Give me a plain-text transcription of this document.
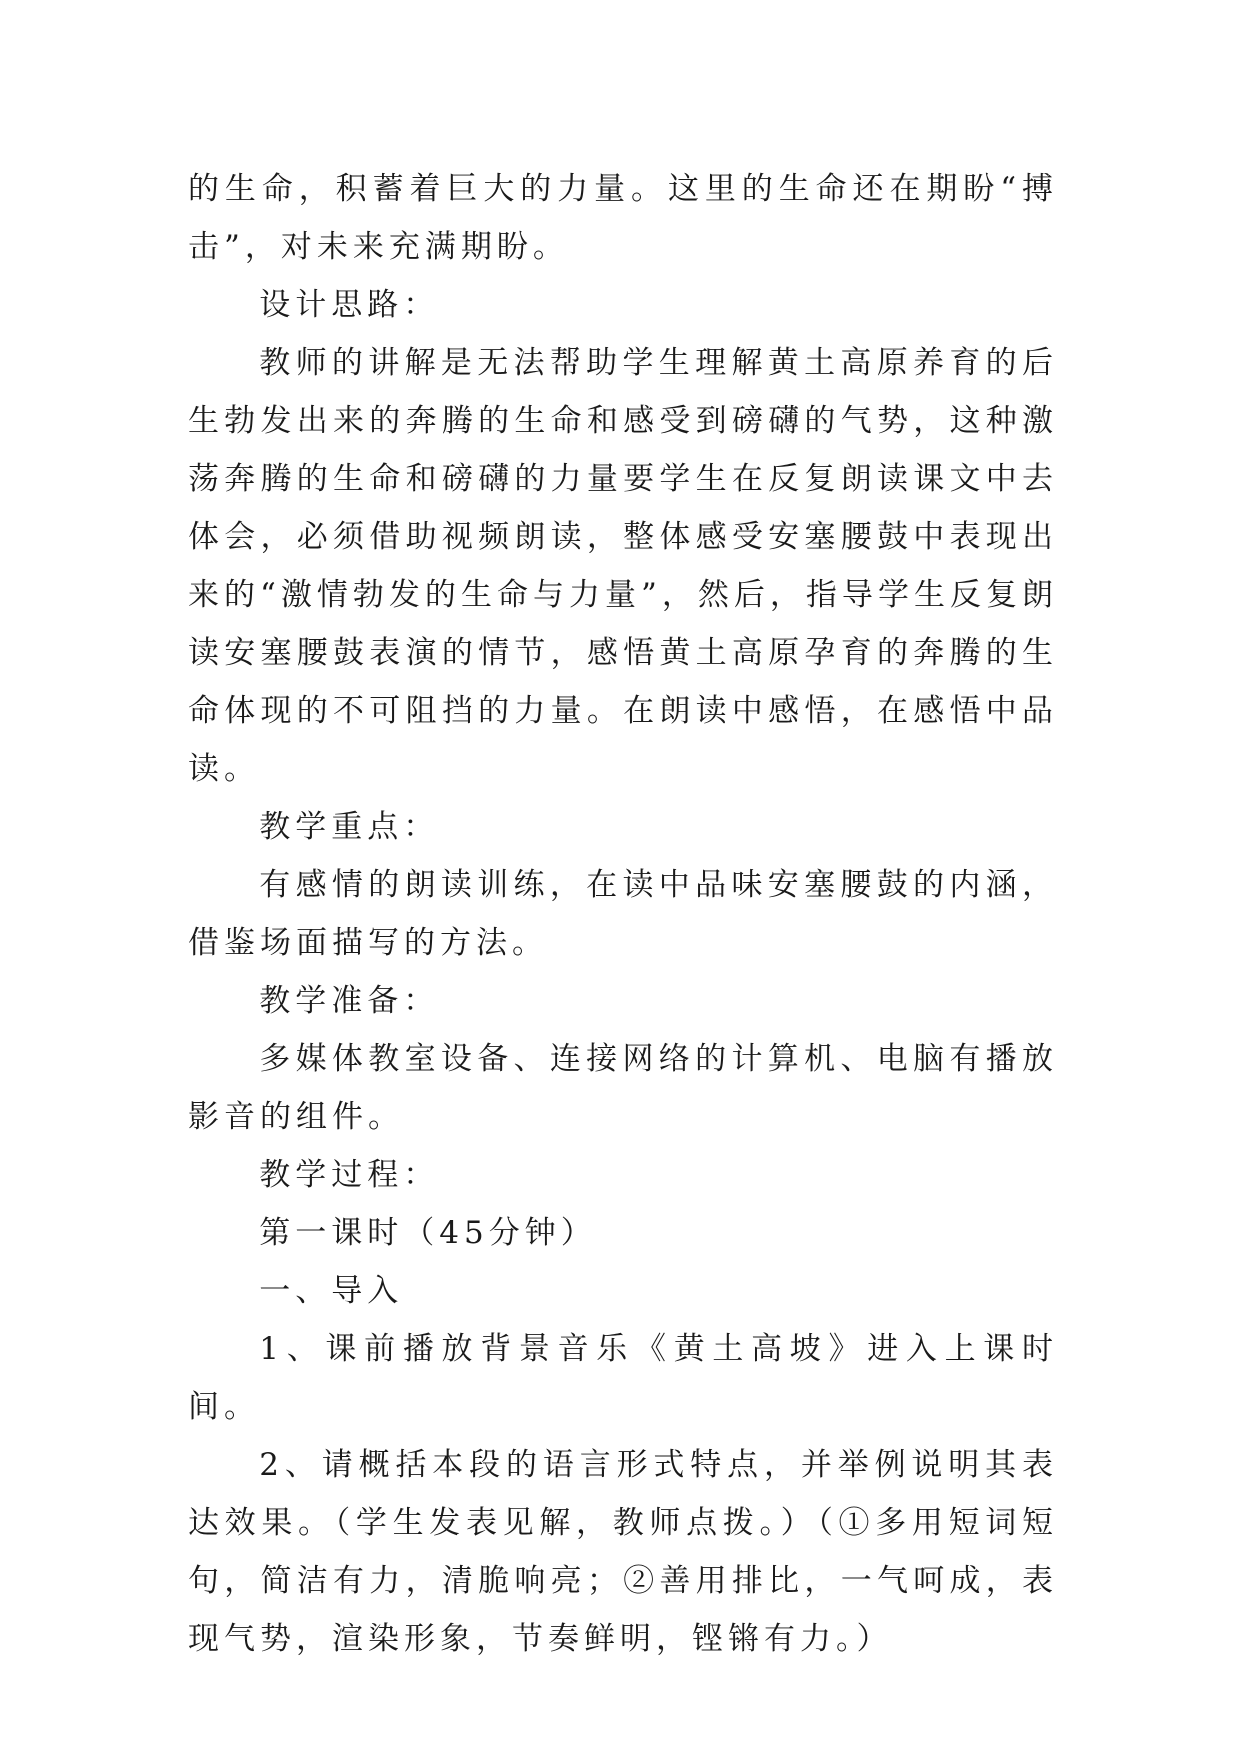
的生命，积蓄着巨大的力量。这里的生命还在期盼“搏击”，对未来充满期盼。

设计思路：

教师的讲解是无法帮助学生理解黄土高原养育的后生勃发出来的奔腾的生命和感受到磅礴的气势，这种激荡奔腾的生命和磅礴的力量要学生在反复朗读课文中去体会，必须借助视频朗读，整体感受安塞腰鼓中表现出来的“激情勃发的生命与力量”，然后，指导学生反复朗读安塞腰鼓表演的情节，感悟黄土高原孕育的奔腾的生命体现的不可阻挡的力量。在朗读中感悟，在感悟中品读。

教学重点：

有感情的朗读训练，在读中品味安塞腰鼓的内涵，借鉴场面描写的方法。

教学准备：

多媒体教室设备、连接网络的计算机、电脑有播放影音的组件。

教学过程：

第一课时（45分钟）

一、导入

1、课前播放背景音乐《黄土高坡》进入上课时间。

2、请概括本段的语言形式特点，并举例说明其表达效果。（学生发表见解，教师点拨。）（①多用短词短句，简洁有力，清脆响亮；②善用排比，一气呵成，表现气势，渲染形象，节奏鲜明，铿锵有力。）
